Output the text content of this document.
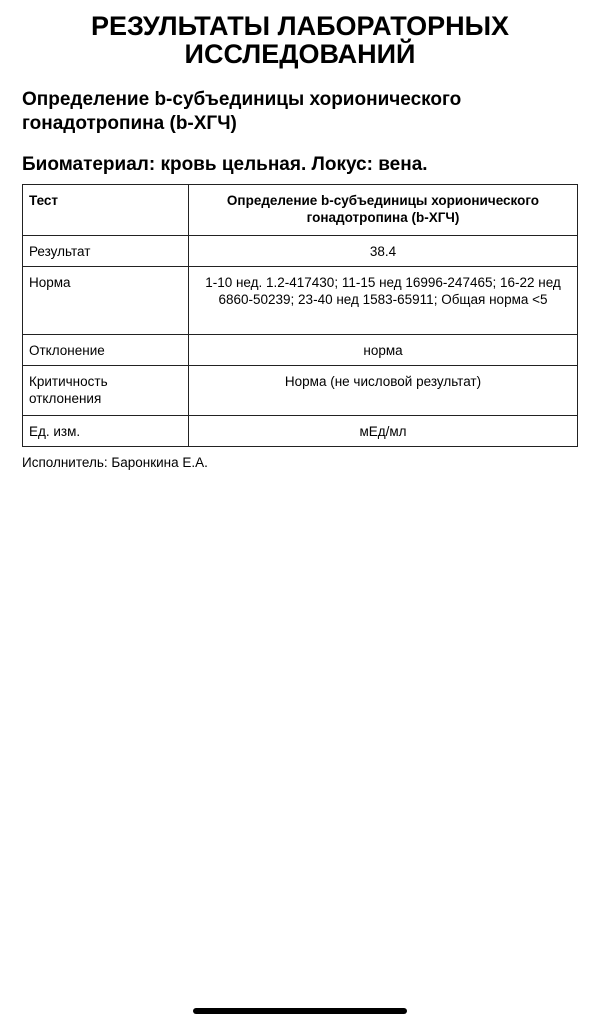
РЕЗУЛЬТАТЫ ЛАБОРАТОРНЫХ ИССЛЕДОВАНИЙ
Определение b-субъединицы хорионического гонадотропина (b-ХГЧ)
Биоматериал: кровь цельная. Локус: вена.
Тест	Определение b-субъединицы хорионического гонадотропина (b-ХГЧ)
Результат	38.4
Норма	1-10 нед. 1.2-417430; 11-15 нед 16996-247465; 16-22 нед 6860-50239; 23-40 нед 1583-65911; Общая норма <5
Отклонение	норма
Критичность отклонения	Норма (не числовой результат)
Ед. изм.	мЕд/мл
Исполнитель: Баронкина Е.А.
